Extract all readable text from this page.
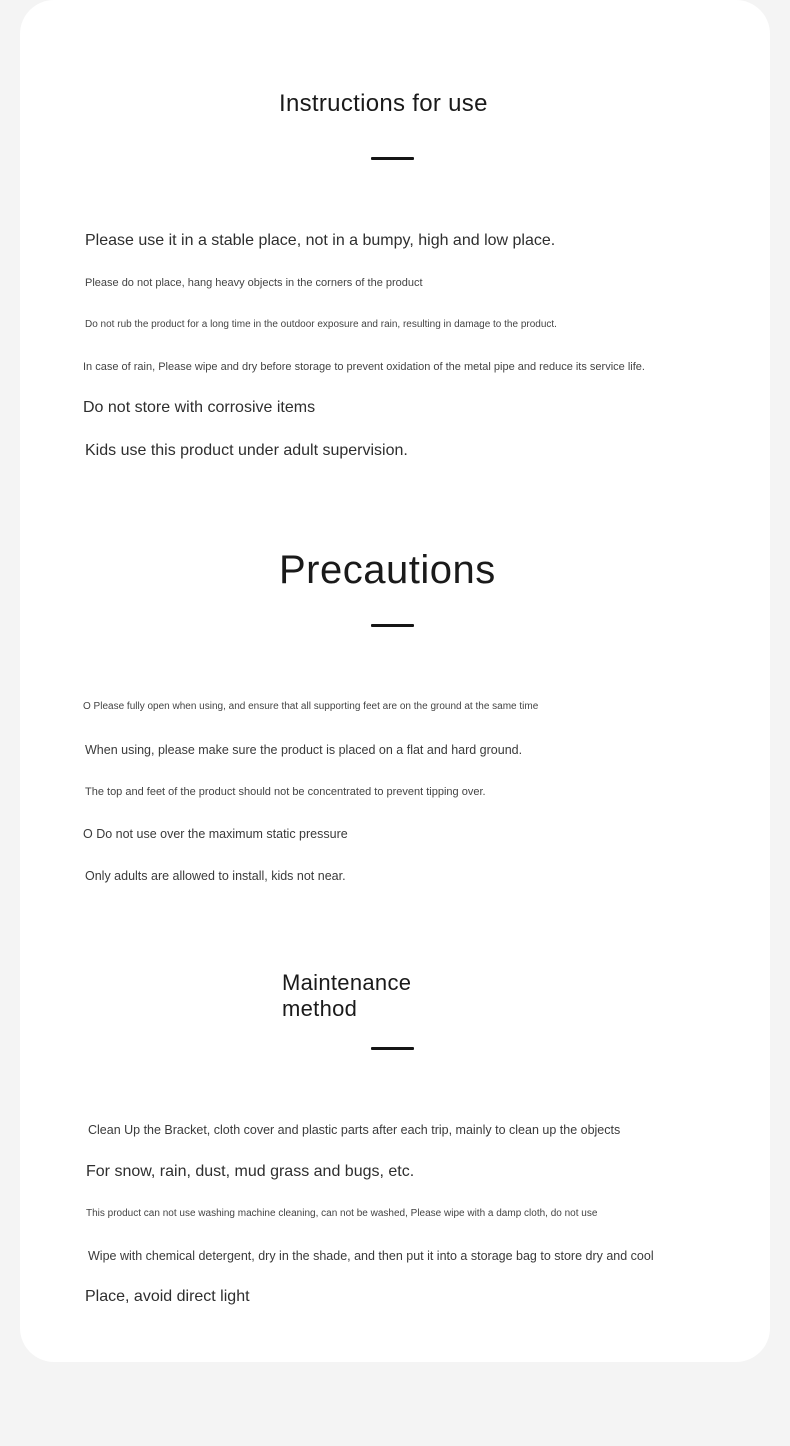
Instructions for use
Please use it in a stable place, not in a bumpy, high and low place.
Please do not place, hang heavy objects in the corners of the product
Do not rub the product for a long time in the outdoor exposure and rain, resulting in damage to the product.
In case of rain, Please wipe and dry before storage to prevent oxidation of the metal pipe and reduce its service life.
Do not store with corrosive items
Kids use this product under adult supervision.
Precautions
O Please fully open when using, and ensure that all supporting feet are on the ground at the same time
When using, please make sure the product is placed on a flat and hard ground.
The top and feet of the product should not be concentrated to prevent tipping over.
O Do not use over the maximum static pressure
Only adults are allowed to install, kids not near.
Maintenance method
Clean Up the Bracket, cloth cover and plastic parts after each trip, mainly to clean up the objects
For snow, rain, dust, mud grass and bugs, etc.
This product can not use washing machine cleaning, can not be washed, Please wipe with a damp cloth, do not use
Wipe with chemical detergent, dry in the shade, and then put it into a storage bag to store dry and cool
Place, avoid direct light
